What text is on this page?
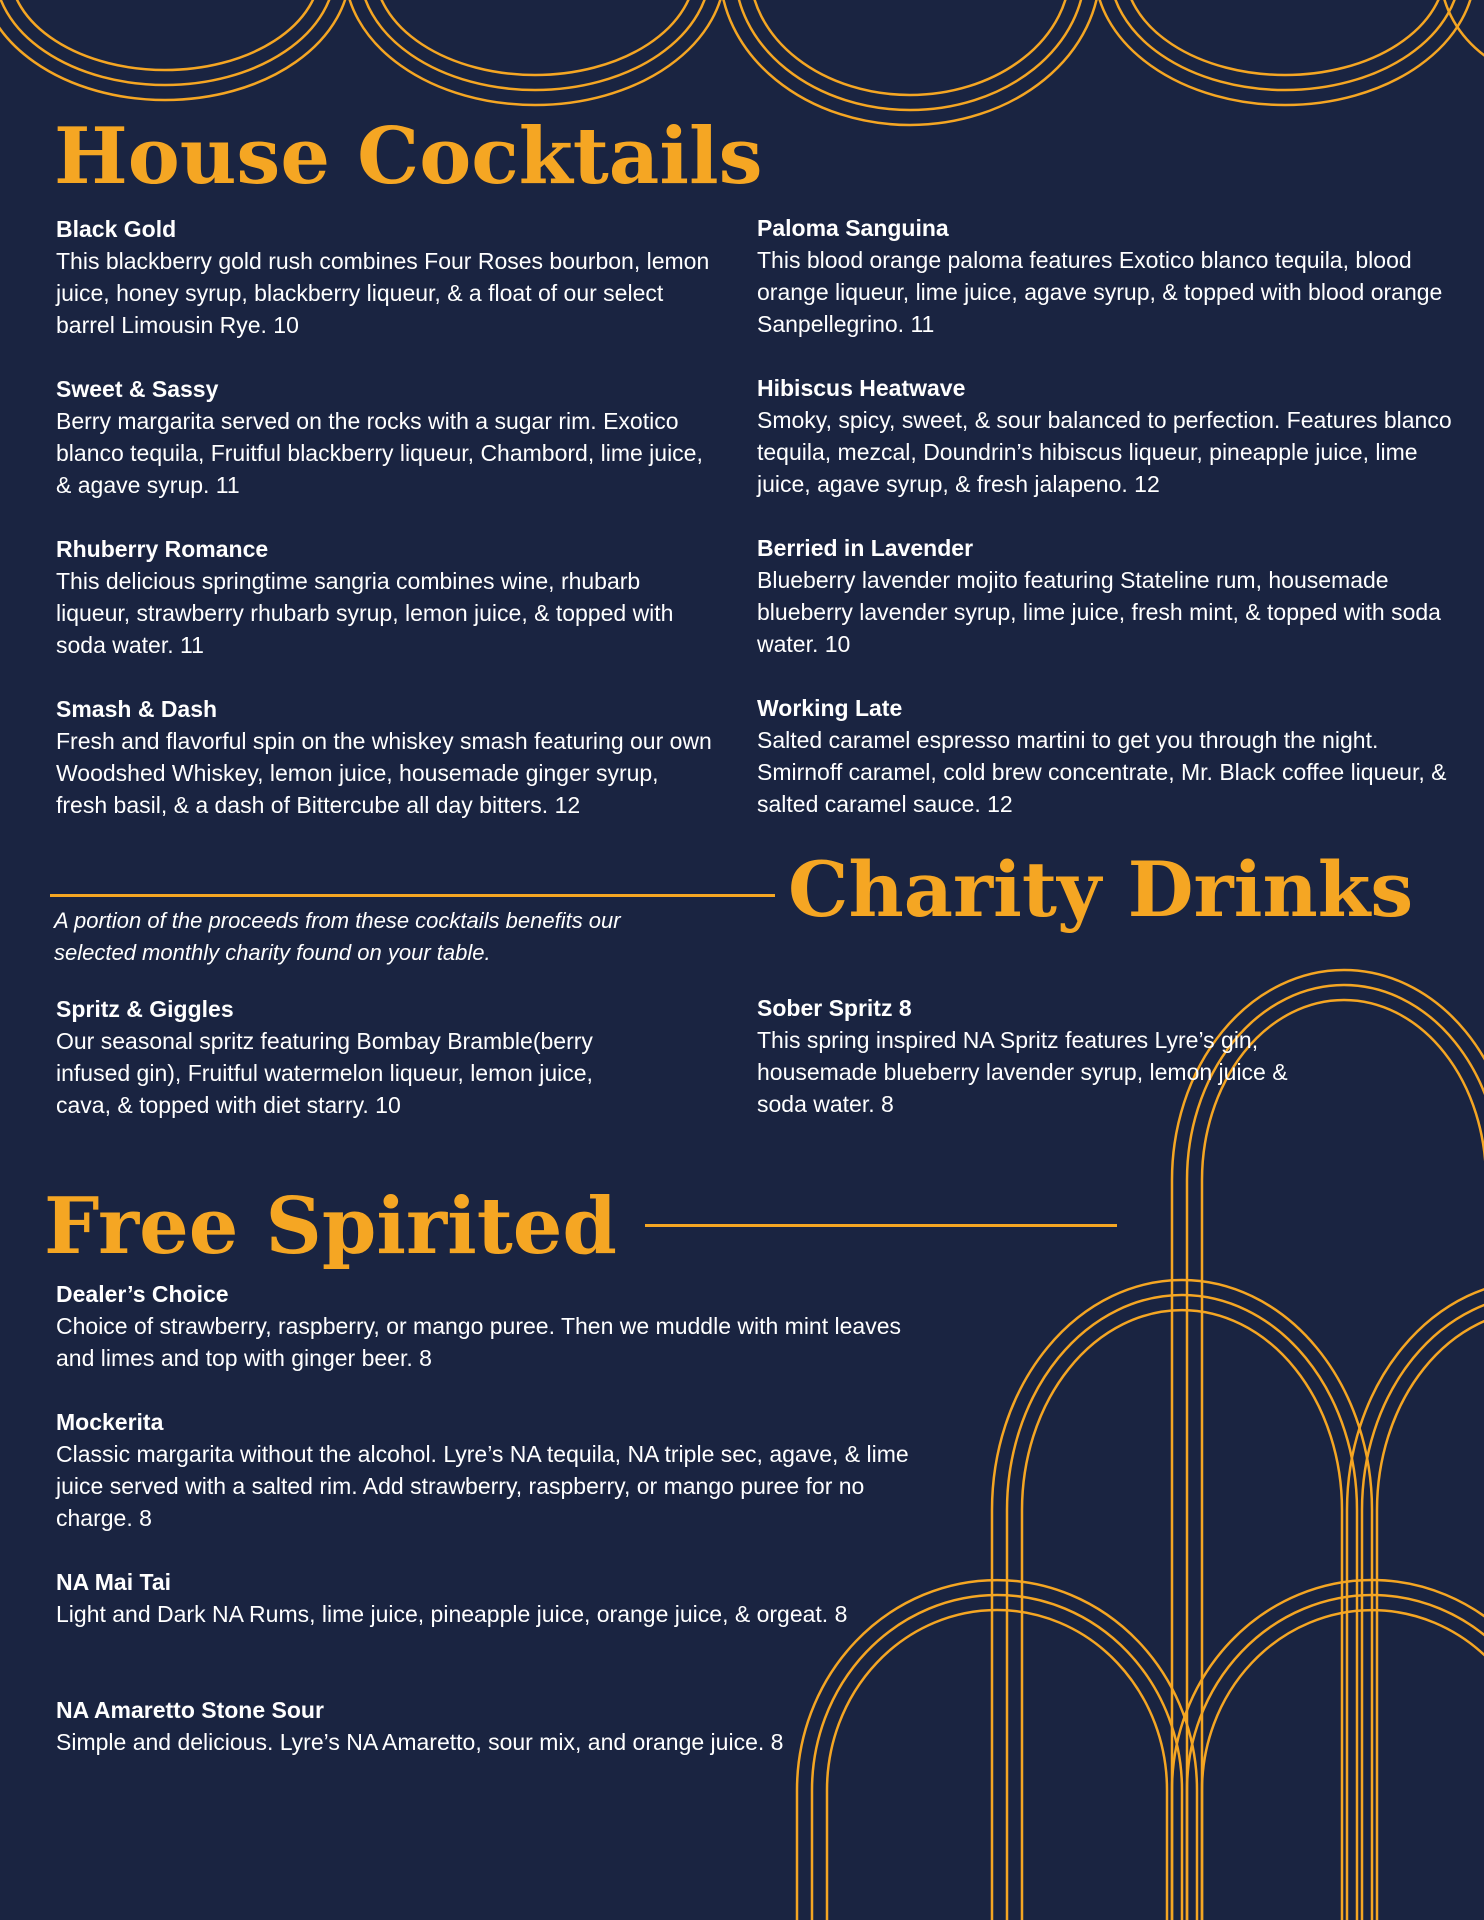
House Cocktails

Black Gold

This blackberry gold rush combines Four Roses bourbon, lemon juice, honey syrup, blackberry liqueur, & a float of our select barrel Limousin Rye. 10

Sweet & Sassy

Berry margarita served on the rocks with a sugar rim. Exotico blanco tequila, Fruitful blackberry liqueur, Chambord, lime juice, & agave syrup. 11

Rhuberry Romance

This delicious springtime sangria combines wine, rhubarb liqueur, strawberry rhubarb syrup, lemon juice, & topped with soda water. 11

Smash & Dash

Fresh and flavorful spin on the whiskey smash featuring our own Woodshed Whiskey, lemon juice, housemade ginger syrup, fresh basil, & a dash of Bittercube all day bitters. 12

Paloma Sanguina

This blood orange paloma features Exotico blanco tequila, blood orange liqueur, lime juice, agave syrup, & topped with blood orange Sanpellegrino. 11

Hibiscus Heatwave

Smoky, spicy, sweet, & sour balanced to perfection. Features blanco tequila, mezcal, Doundrin’s hibiscus liqueur, pineapple juice, lime juice, agave syrup, & fresh jalapeno. 12

Berried in Lavender

Blueberry lavender mojito featuring Stateline rum, housemade blueberry lavender syrup, lime juice, fresh mint, & topped with soda water. 10

Working Late

Salted caramel espresso martini to get you through the night. Smirnoff caramel, cold brew concentrate, Mr. Black coffee liqueur, & salted caramel sauce. 12

Charity Drinks

A portion of the proceeds from these cocktails benefits our selected monthly charity found on your table.

Spritz & Giggles

Our seasonal spritz featuring Bombay Bramble(berry infused gin), Fruitful watermelon liqueur, lemon juice, cava, & topped with diet starry. 10

Sober Spritz 8

This spring inspired NA Spritz features Lyre’s gin, housemade blueberry lavender syrup, lemon juice & soda water. 8

Free Spirited

Dealer’s Choice

Choice of strawberry, raspberry, or mango puree. Then we muddle with mint leaves and limes and top with ginger beer. 8

Mockerita

Classic margarita without the alcohol. Lyre’s NA tequila, NA triple sec, agave, & lime juice served with a salted rim. Add strawberry, raspberry, or mango puree for no charge. 8

NA Mai Tai

Light and Dark NA Rums, lime juice, pineapple juice, orange juice, & orgeat. 8

NA Amaretto Stone Sour

Simple and delicious. Lyre’s NA Amaretto, sour mix, and orange juice. 8
